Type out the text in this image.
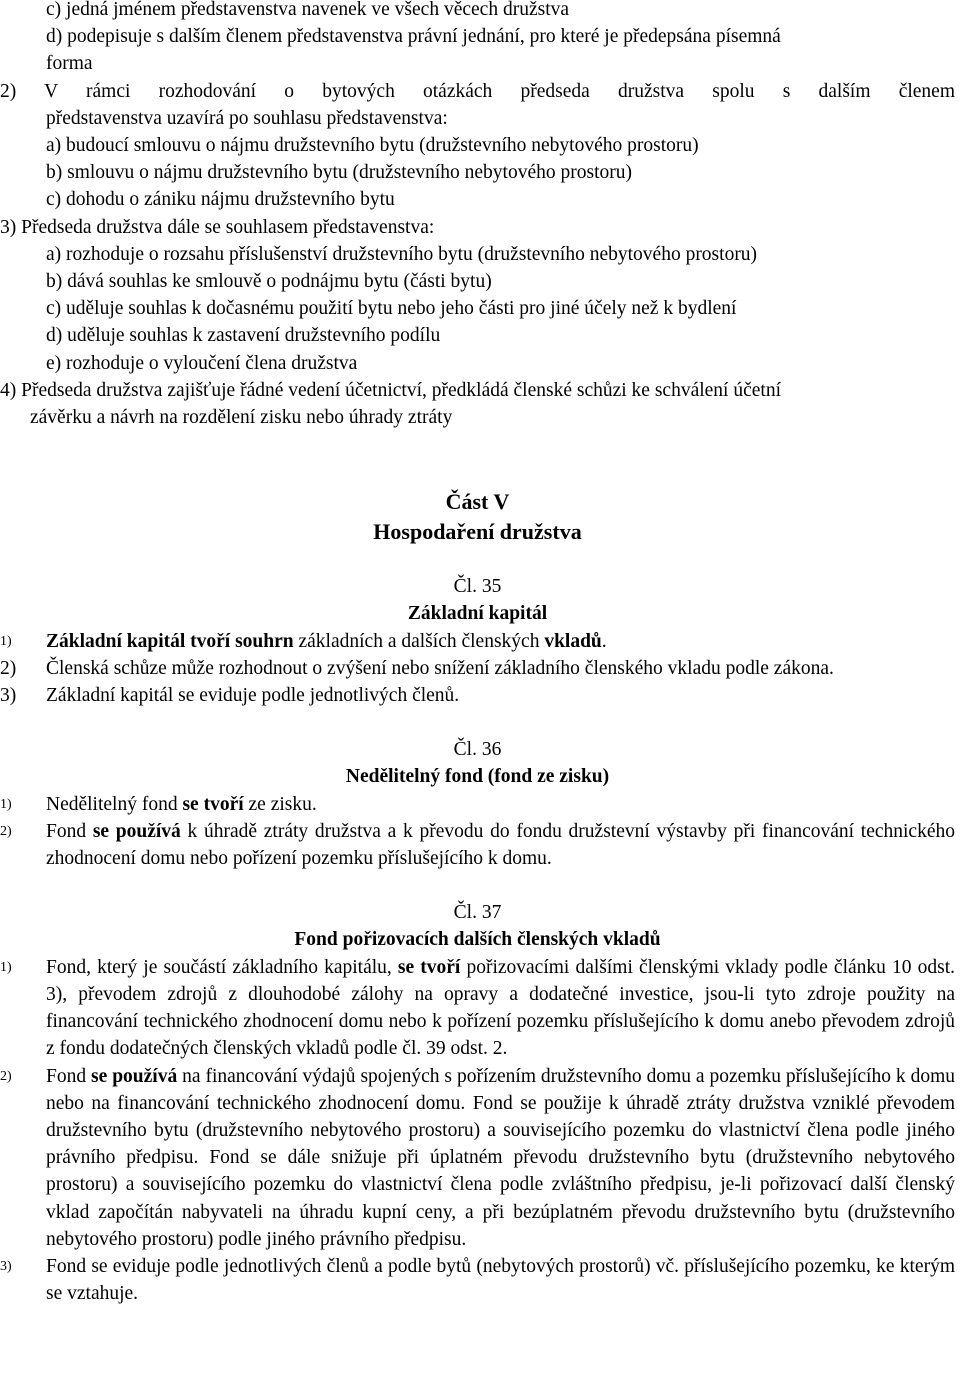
c) jedná jménem představenstva navenek ve všech věcech družstva
d) podepisuje s dalším členem představenstva právní jednání, pro které je předepsána písemná
forma
2) V rámci rozhodování o bytových otázkách předseda družstva spolu s dalším členem
představenstva uzavírá po souhlasu představenstva:
a) budoucí smlouvu o nájmu družstevního bytu (družstevního nebytového prostoru)
b) smlouvu o nájmu družstevního bytu (družstevního nebytového prostoru)
c) dohodu o zániku nájmu družstevního bytu
3) Předseda družstva dále se souhlasem představenstva:
a) rozhoduje o rozsahu příslušenství družstevního bytu (družstevního nebytového prostoru)
b) dává souhlas ke smlouvě o podnájmu bytu (části bytu)
c) uděluje souhlas k dočasnému použití bytu nebo jeho části pro jiné účely než k bydlení
d) uděluje souhlas k zastavení družstevního podílu
e) rozhoduje o vyloučení člena družstva
4) Předseda družstva zajišťuje řádné vedení účetnictví, předkládá členské schůzi ke schválení účetní
závěrku a návrh na rozdělení zisku nebo úhrady ztráty
Část V
Hospodaření družstva
Čl. 35
Základní kapitál
1)	Základní kapitál tvoří souhrn základních a dalších členských vkladů.
2)	Členská schůze může rozhodnout o zvýšení nebo snížení základního členského vkladu podle zákona.
3)	Základní kapitál se eviduje podle jednotlivých členů.
Čl. 36
Nedělitelný fond (fond ze zisku)
1)	Nedělitelný fond se tvoří ze zisku.
2)	Fond se používá k úhradě ztráty družstva a k převodu do fondu družstevní výstavby při financování technického zhodnocení domu nebo pořízení pozemku příslušejícího k domu.
Čl. 37
Fond pořizovacích dalších členských vkladů
1)	Fond, který je součástí základního kapitálu, se tvoří pořizovacími dalšími členskými vklady podle článku 10 odst. 3), převodem zdrojů z dlouhodobé zálohy na opravy a dodatečné investice, jsou-li tyto zdroje použity na financování technického zhodnocení domu nebo k pořízení pozemku příslušejícího k domu anebo převodem zdrojů z fondu dodatečných členských vkladů podle čl. 39 odst. 2.
2)	Fond se používá na financování výdajů spojených s pořízením družstevního domu a pozemku příslušejícího k domu nebo na financování technického zhodnocení domu. Fond se použije k úhradě ztráty družstva vzniklé převodem družstevního bytu (družstevního nebytového prostoru) a souvisejícího pozemku do vlastnictví člena podle jiného právního předpisu. Fond se dále snižuje při úplatném převodu družstevního bytu (družstevního nebytového prostoru) a souvisejícího pozemku do vlastnictví člena podle zvláštního předpisu, je-li pořizovací další členský vklad započítán nabyvateli na úhradu kupní ceny, a při bezúplatném převodu družstevního bytu (družstevního nebytového prostoru) podle jiného právního předpisu.
3)	Fond se eviduje podle jednotlivých členů a podle bytů (nebytových prostorů) vč. příslušejícího pozemku, ke kterým se vztahuje.
